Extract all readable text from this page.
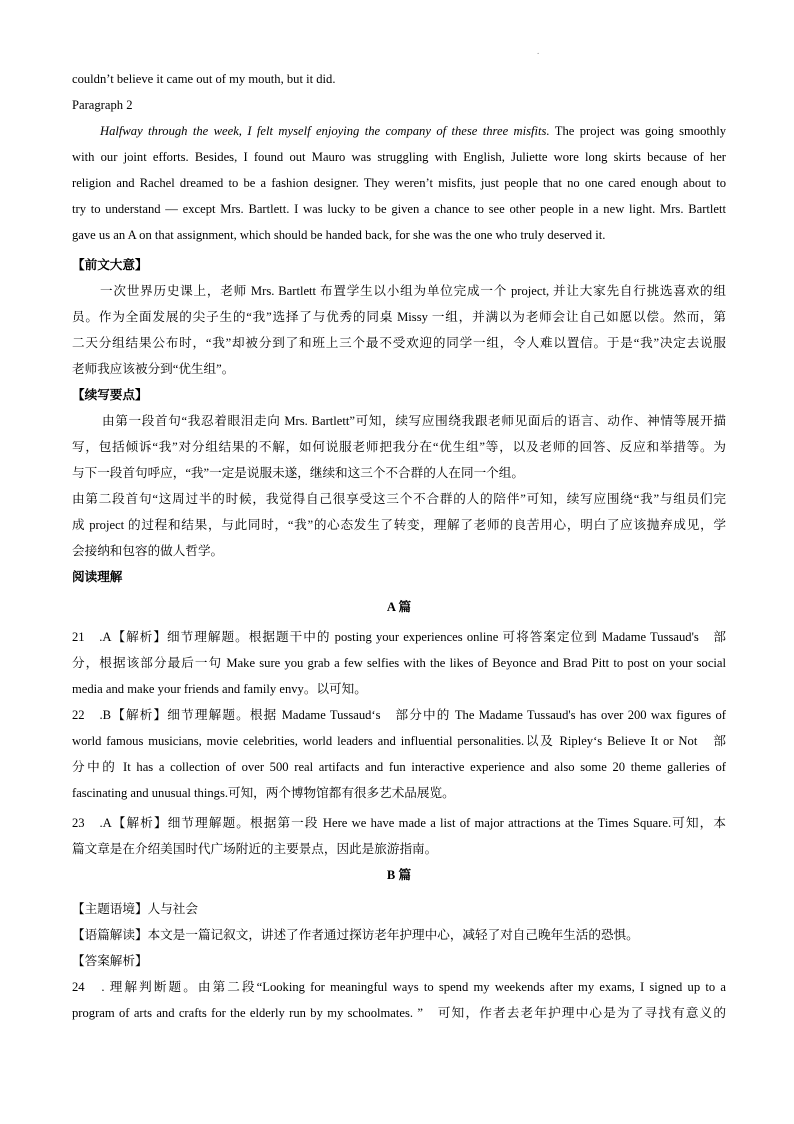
.
couldn’t believe it came out of my mouth, but it did.
Paragraph 2
Halfway through the week, I felt myself enjoying the company of these three misfits. The project was going smoothly
with our joint efforts. Besides, I found out Mauro was struggling with English, Juliette wore long skirts because of her
religion and Rachel dreamed to be a fashion designer. They weren’t misfits, just people that no one cared enough about to
try to understand — except Mrs. Bartlett. I was lucky to be given a chance to see other people in a new light. Mrs. Bartlett
gave us an A on that assignment, which should be handed back, for she was the one who truly deserved it.
【前文大意】
一次世界历史课上，老师 Mrs. Bartlett 布置学生以小组为单位完成一个 project, 并让大家先自行挑选喜欢的组
员。作为全面发展的尖子生的“我”选择了与优秀的同桌 Missy 一组，并满以为老师会让自己如愿以偿。然而，第
二天分组结果公布时，“我”却被分到了和班上三个最不受欢迎的同学一组，令人难以置信。于是“我”决定去说服
老师我应该被分到“优生组”。
【续写要点】
由第一段首句“我忍着眼泪走向 Mrs. Bartlett”可知，续写应围绕我跟老师见面后的语言、动作、神情等展开描
写，包括倾诉“我”对分组结果的不解，如何说服老师把我分在“优生组”等，以及老师的回答、反应和举措等。为
与下一段首句呼应，“我”一定是说服未遂，继续和这三个不合群的人在同一个组。
由第二段首句“这周过半的时候，我觉得自己很享受这三个不合群的人的陪伴”可知，续写应围绕“我”与组员们完
成 project 的过程和结果，与此同时，“我”的心态发生了转变，理解了老师的良苦用心，明白了应该抛弃成见，学
会接纳和包容的做人哲学。
阅读理解
A 篇
21　.A【解析】细节理解题。根据题干中的 posting your experiences online 可将答案定位到 Madame Tussaud's　部
分，根据该部分最后一句 Make sure you grab a few selfies with the likes of Beyonce and Brad Pitt to post on your social
media and make your friends and family envy。以可知。
22　.B【解析】细节理解题。根据 Madame Tussaud‘s　部分中的 The Madame Tussaud's has over 200 wax figures of
world famous musicians, movie celebrities, world leaders and influential personalities.以及 Ripley‘s Believe It or Not　部
分中的 It has a collection of over 500 real artifacts and fun interactive experience and also some 20 theme galleries of
fascinating and unusual things.可知，两个博物馆都有很多艺术品展览。
23　.A【解析】细节理解题。根据第一段 Here we have made a list of major attractions at the Times Square.可知，本
篇文章是在介绍美国时代广场附近的主要景点，因此是旅游指南。
B 篇
【主题语境】人与社会
【语篇解读】本文是一篇记叙文，讲述了作者通过探访老年护理中心，减轻了对自己晚年生活的恐惧。
【答案解析】
24　. 理解判断题。由第二段“Looking for meaningful ways to spend my weekends after my exams, I signed up to a
program of arts and crafts for the elderly run by my schoolmates. ”　可知，作者去老年护理中心是为了寻找有意义的
